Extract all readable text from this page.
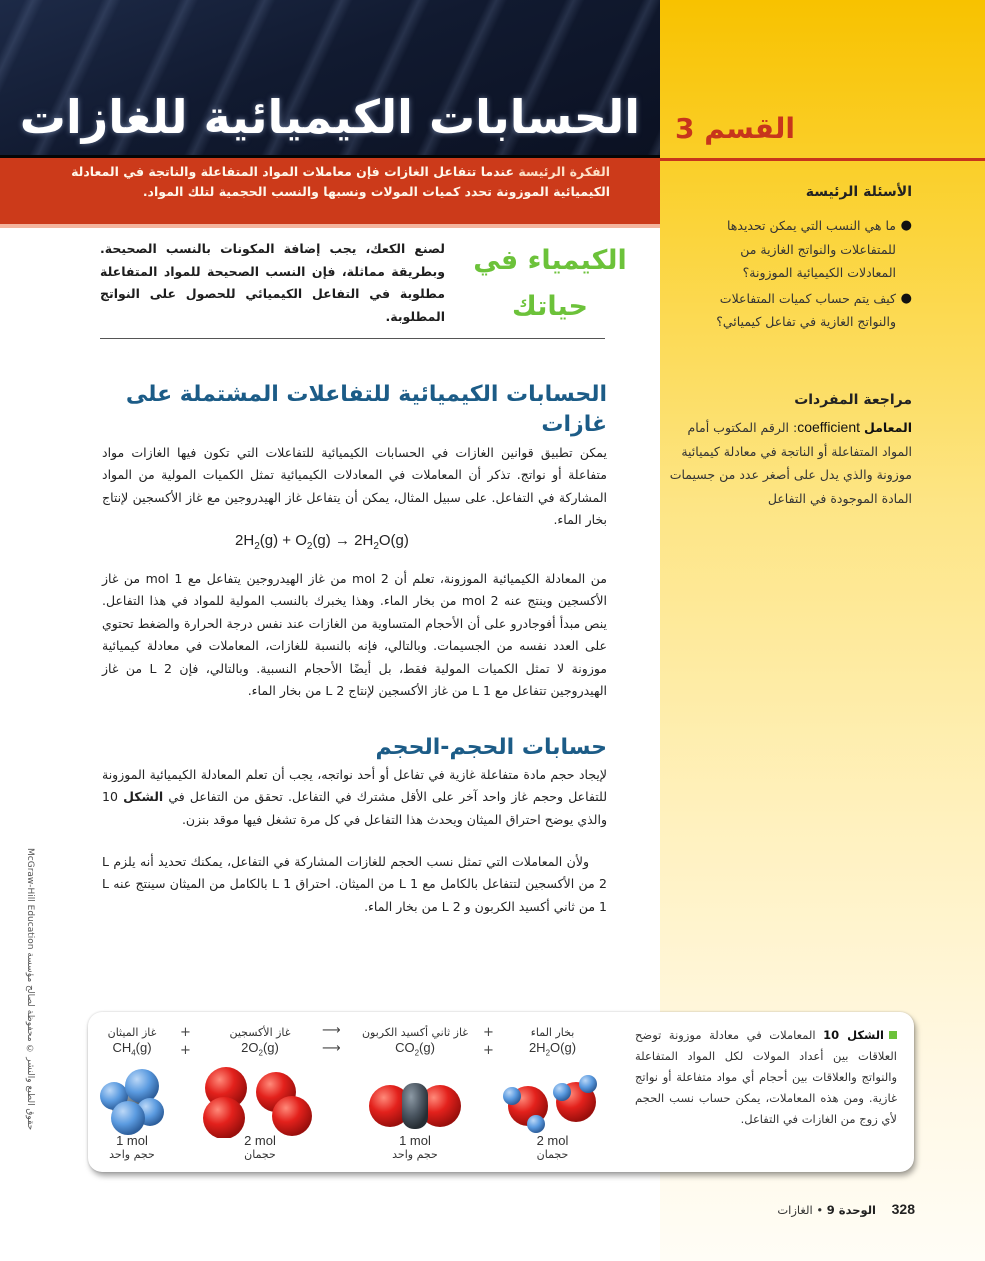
الحسابات الكيميائية للغازات القسم 3
الفكرة الرئيسة عندما تتفاعل الغازات فإن معاملات المواد المتفاعلة والناتجة في المعادلة الكيميائية الموزونة تحدد كميات المولات ونسبها والنسب الحجمية لتلك المواد.
الكيمياء في
حياتك
لصنع الكعك، يجب إضافة المكونات بالنسب الصحيحة. وبطريقة مماثلة، فإن النسب الصحيحة للمواد المتفاعلة مطلوبة في التفاعل الكيميائي للحصول على النواتج المطلوبة.
الحسابات الكيميائية للتفاعلات المشتملة على غازات

يمكن تطبيق قوانين الغازات في الحسابات الكيميائية للتفاعلات التي تكون فيها الغازات مواد متفاعلة أو نواتج. تذكر أن المعاملات في المعادلات الكيميائية تمثل الكميات المولية من المواد المشاركة في التفاعل. على سبيل المثال، يمكن أن يتفاعل غاز الهيدروجين مع غاز الأكسجين لإنتاج بخار الماء.

$2H_2(g) + O_2(g) \to 2H_2O(g)$

من المعادلة الكيميائية الموزونة، تعلم أن 2 mol من غاز الهيدروجين يتفاعل مع 1 mol من غاز الأكسجين وينتج عنه 2 mol من بخار الماء. وهذا يخبرك بالنسب المولية للمواد في هذا التفاعل. ينص مبدأ أفوجادرو على أن الأحجام المتساوية من الغازات عند نفس درجة الحرارة والضغط تحتوي على العدد نفسه من الجسيمات. وبالتالي، فإنه بالنسبة للغازات، المعاملات في معادلة كيميائية موزونة لا تمثل الكميات المولية فقط، بل أيضًا الأحجام النسبية. وبالتالي، فإن L 2 من غاز الهيدروجين تتفاعل مع L 1 من غاز الأكسجين لإنتاج L 2 من بخار الماء.

حسابات الحجم-الحجم

لإيجاد حجم مادة متفاعلة غازية في تفاعل أو أحد نواتجه، يجب أن تعلم المعادلة الكيميائية الموزونة للتفاعل وحجم غاز واحد آخر على الأقل مشترك في التفاعل. تحقق من التفاعل في الشكل 10 والذي يوضح احتراق الميثان ويحدث هذا التفاعل في كل مرة تشغل فيها موقد بنزن.

ولأن المعاملات التي تمثل نسب الحجم للغازات المشاركة في التفاعل، يمكنك تحديد أنه يلزم L 2 من الأكسجين لتتفاعل بالكامل مع L 1 من الميثان. احتراق L 1 بالكامل من الميثان سينتج عنه L 1 من ثاني أكسيد الكربون و L 2 من بخار الماء.

الأسئلة الرئيسة
●
ما هي النسب التي يمكن تحديدها للمتفاعلات والنواتج الغازية من المعادلات الكيميائية الموزونة؟
●
كيف يتم حساب كميات المتفاعلات والنواتج الغازية في تفاعل كيميائي؟
مراجعة المفردات
المعامل coefficient: الرقم المكتوب أمام المواد المتفاعلة أو الناتجة في معادلة كيميائية موزونة والذي يدل على أصغر عدد من جسيمات المادة الموجودة في التفاعل
الشكل 10 المعاملات في معادلة موزونة توضح العلاقات بين أعداد المولات لكل المواد المتفاعلة والنواتج والعلاقات بين أحجام أي مواد متفاعلة أو نواتج غازية. ومن هذه المعاملات، يمكن حساب نسب الحجم لأي زوج من الغازات في التفاعل.
غاز الميثان
$CH_4(g)$
1 mol
حجم واحد
+
+
غاز الأكسجين
$2O_2(g)$
2 mol
حجمان
⟶
⟶
غاز ثاني أكسيد الكربون
$CO_2(g)$
1 mol
حجم واحد
+
+
بخار الماء
$2H_2O(g)$
2 mol
حجمان
328 الوحدة 9 • الغازات
McGraw-Hill Education حقوق الطبع والنشر © محفوظة لصالح مؤسسة
